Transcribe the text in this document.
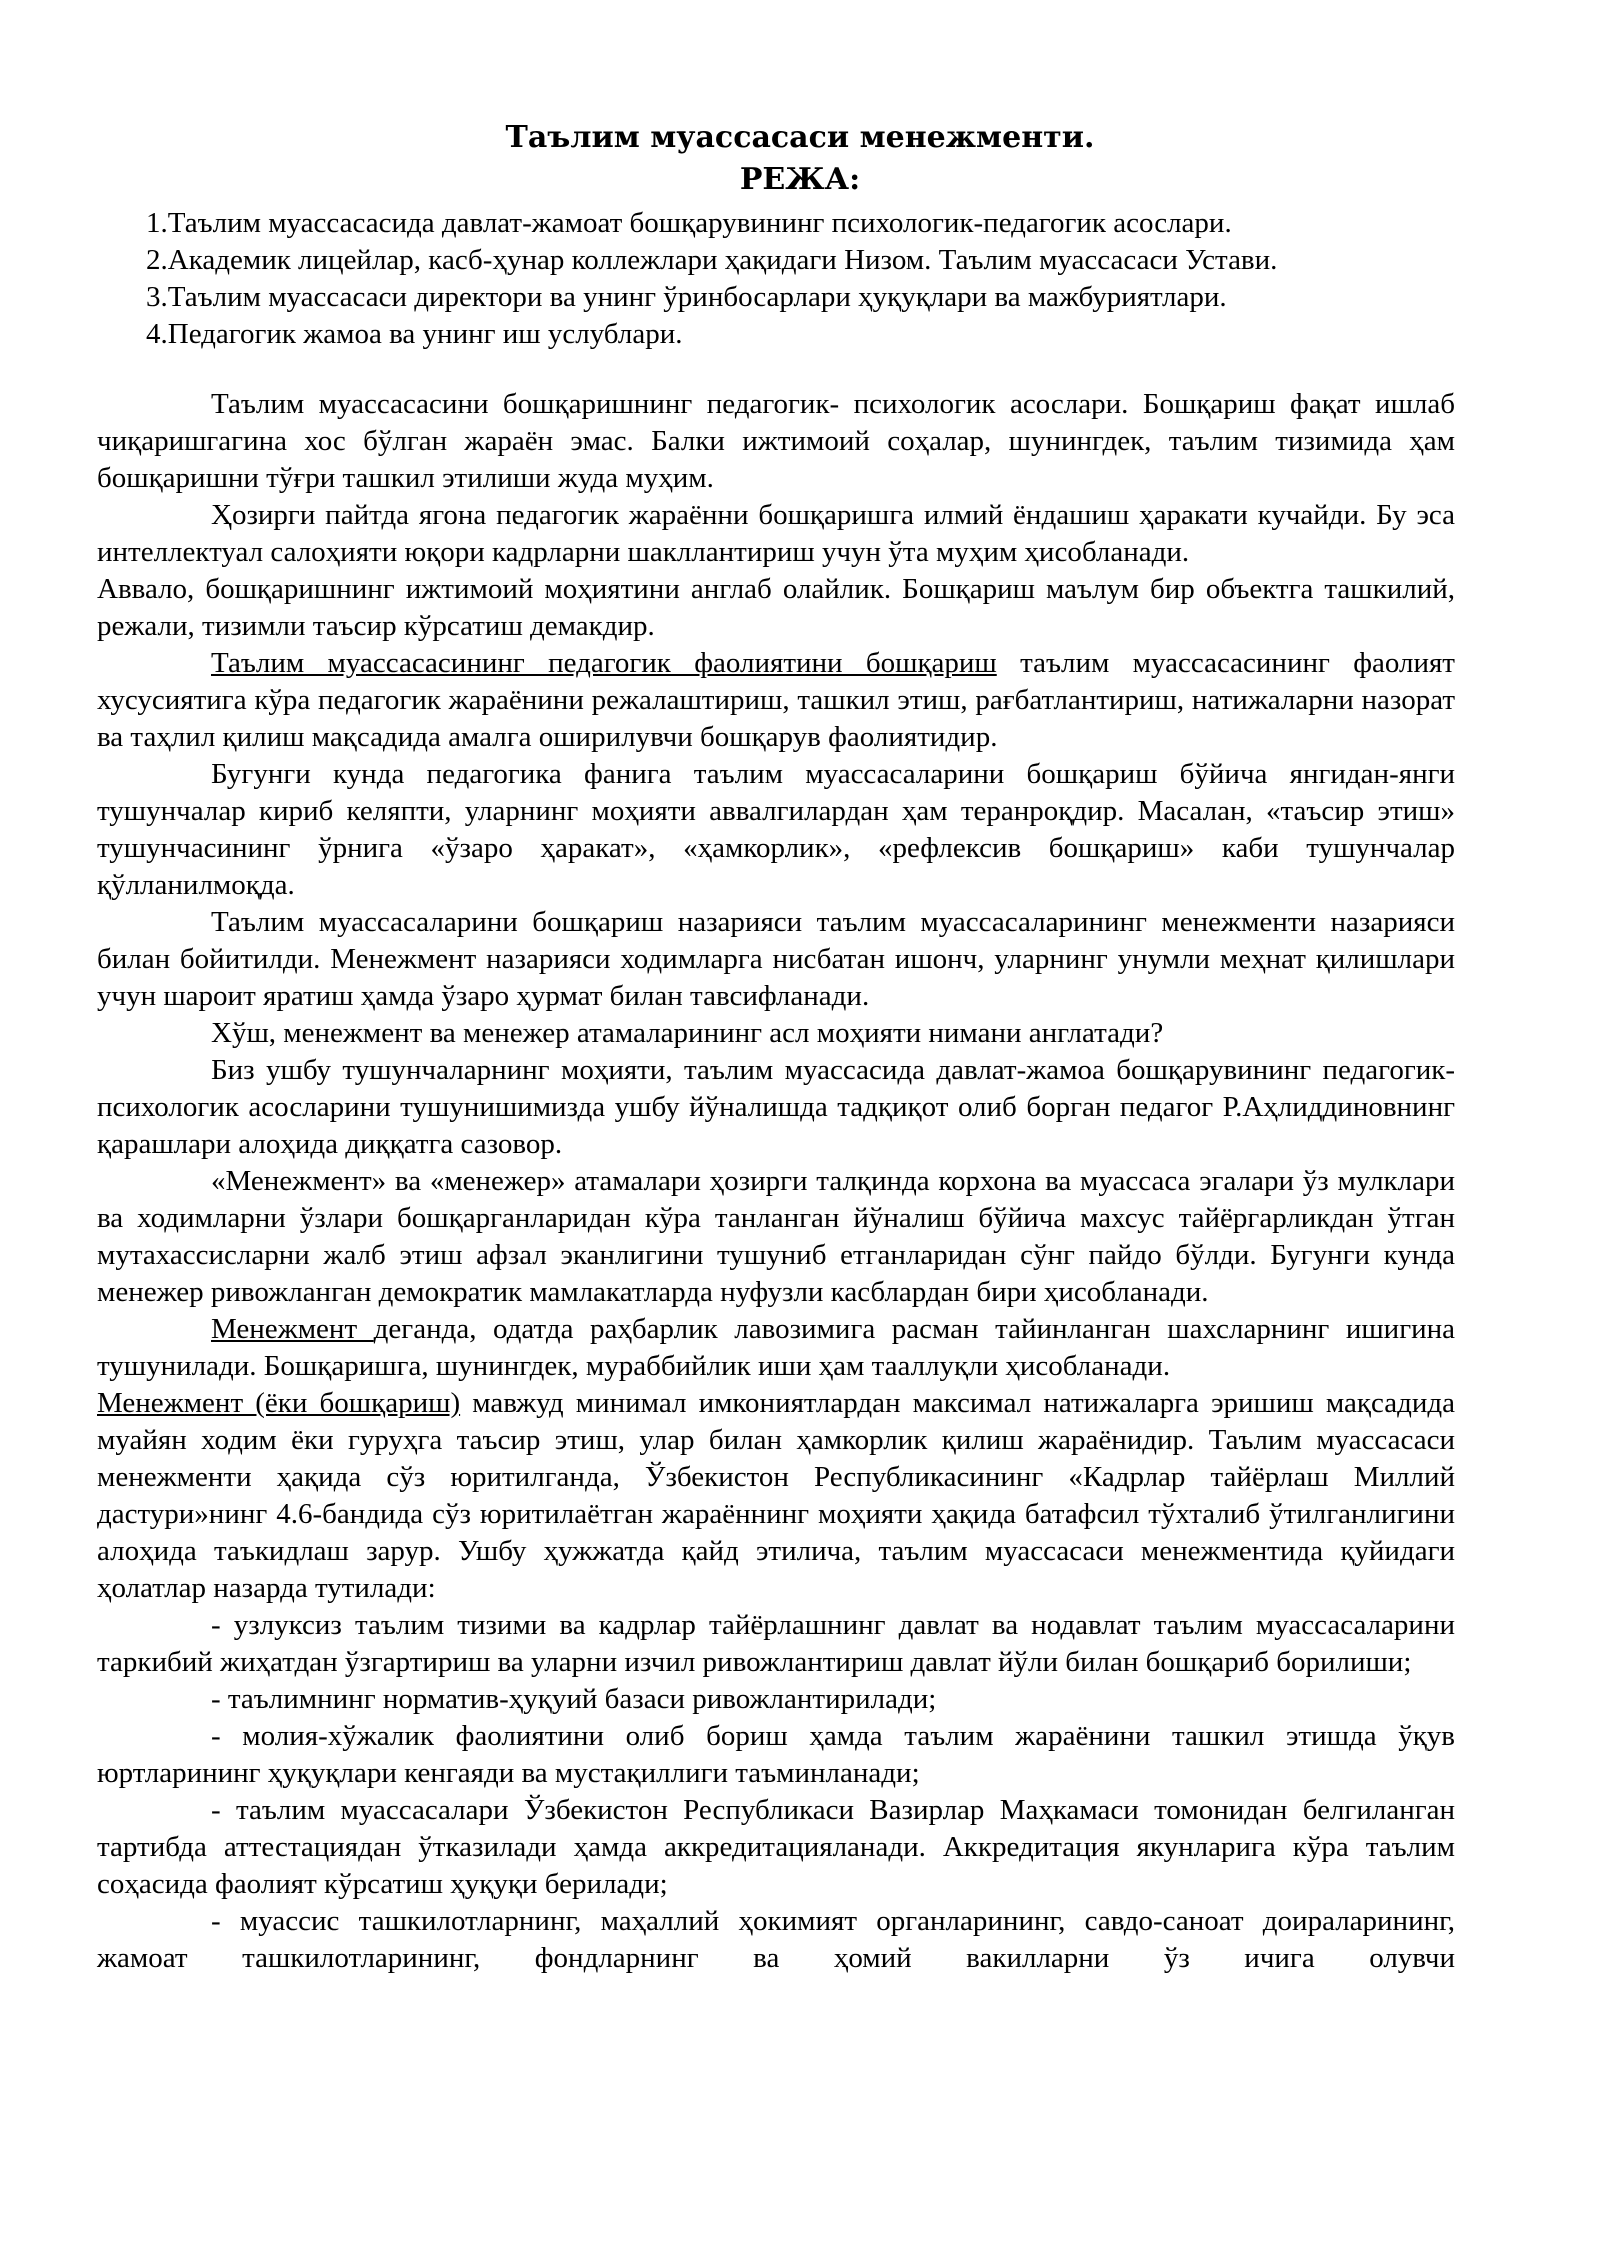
Таълим муассасаси менежменти.
РЕЖА:
1.Таълим муассасасида давлат-жамоат бошқарувининг психологик-педагогик асослари.
2.Академик лицейлар, касб-ҳунар коллежлари ҳақидаги Низом. Таълим муассасаси Устави.
3.Таълим муассасаси директори ва унинг ўринбосарлари ҳуқуқлари ва мажбуриятлари.
4.Педагогик жамоа ва унинг иш услублари.

Таълим муассасасини бошқаришнинг педагогик- психологик асослари. Бошқариш фақат ишлаб чиқаришгагина хос бўлган жараён эмас. Балки ижтимоий соҳалар, шунингдек, таълим тизимида ҳам бошқаришни тўғри ташкил этилиши жуда муҳим.

Ҳозирги пайтда ягона педагогик жараённи бошқаришга илмий ёндашиш ҳаракати кучайди. Бу эса интеллектуал салоҳияти юқори кадрларни шакллантириш учун ўта муҳим ҳисобланади.

Аввало, бошқаришнинг ижтимоий моҳиятини англаб олайлик. Бошқариш маълум бир объектга ташкилий, режали, тизимли таъсир кўрсатиш демакдир.

Таълим муассасасининг педагогик фаолиятини бошқариш таълим муассасасининг фаолият хусусиятига кўра педагогик жараёнини режалаштириш, ташкил этиш, рағбатлантириш, натижаларни назорат ва таҳлил қилиш мақсадида амалга оширилувчи бошқарув фаолиятидир.

Бугунги кунда педагогика фанига таълим муассасаларини бошқариш бўйича янгидан-янги тушунчалар кириб келяпти, уларнинг моҳияти аввалгилардан ҳам теранроқдир. Масалан, «таъсир этиш» тушунчасининг ўрнига «ўзаро ҳаракат», «ҳамкорлик», «рефлексив бошқариш» каби тушунчалар қўлланилмоқда.

Таълим муассасаларини бошқариш назарияси таълим муассасаларининг менежменти назарияси билан бойитилди. Менежмент назарияси ходимларга нисбатан ишонч, уларнинг унумли меҳнат қилишлари учун шароит яратиш ҳамда ўзаро ҳурмат билан тавсифланади.

Хўш, менежмент ва менежер атамаларининг асл моҳияти нимани англатади?

Биз ушбу тушунчаларнинг моҳияти, таълим муассасида давлат-жамоа бошқарувининг педагогик-психологик асосларини тушунишимизда ушбу йўналишда тадқиқот олиб борган педагог Р.Аҳлиддиновнинг қарашлари алоҳида диққатга сазовор.

«Менежмент» ва «менежер» атамалари ҳозирги талқинда корхона ва муассаса эгалари ўз мулклари ва ходимларни ўзлари бошқарганларидан кўра танланган йўналиш бўйича махсус тайёргарликдан ўтган мутахассисларни жалб этиш афзал эканлигини тушуниб етганларидан сўнг пайдо бўлди. Бугунги кунда менежер ривожланган демократик мамлакатларда нуфузли касблардан бири ҳисобланади.

Менежмент деганда, одатда раҳбарлик лавозимига расман тайинланган шахсларнинг ишигина тушунилади. Бошқаришга, шунингдек, мураббийлик иши ҳам тааллуқли ҳисобланади.

Менежмент (ёки бошқариш) мавжуд минимал имкониятлардан максимал натижаларга эришиш мақсадида муайян ходим ёки гуруҳга таъсир этиш, улар билан ҳамкорлик қилиш жараёнидир. Таълим муассасаси менежменти ҳақида сўз юритилганда, Ўзбекистон Республикасининг «Кадрлар тайёрлаш Миллий дастури»нинг 4.6-бандида сўз юритилаётган жараённинг моҳияти ҳақида батафсил тўхталиб ўтилганлигини алоҳида таъкидлаш зарур. Ушбу ҳужжатда қайд этилича, таълим муассасаси менежментида қуйидаги ҳолатлар назарда тутилади:

- узлуксиз таълим тизими ва кадрлар тайёрлашнинг давлат ва нодавлат таълим муассасаларини таркибий жиҳатдан ўзгартириш ва уларни изчил ривожлантириш давлат йўли билан бошқариб борилиши;

- таълимнинг норматив-ҳуқуий базаси ривожлантирилади;

- молия-хўжалик фаолиятини олиб бориш ҳамда таълим жараёнини ташкил этишда ўқув юртларининг ҳуқуқлари кенгаяди ва мустақиллиги таъминланади;

- таълим муассасалари Ўзбекистон Республикаси Вазирлар Маҳкамаси томонидан белгиланган тартибда аттестациядан ўтказилади ҳамда аккредитацияланади. Аккредитация якунларига кўра таълим соҳасида фаолият кўрсатиш ҳуқуқи берилади;

- муассис ташкилотларнинг, маҳаллий ҳокимият органларининг, савдо-саноат доираларининг, жамоат ташкилотларининг, фондларнинг ва ҳомий вакилларни ўз ичига олувчи
